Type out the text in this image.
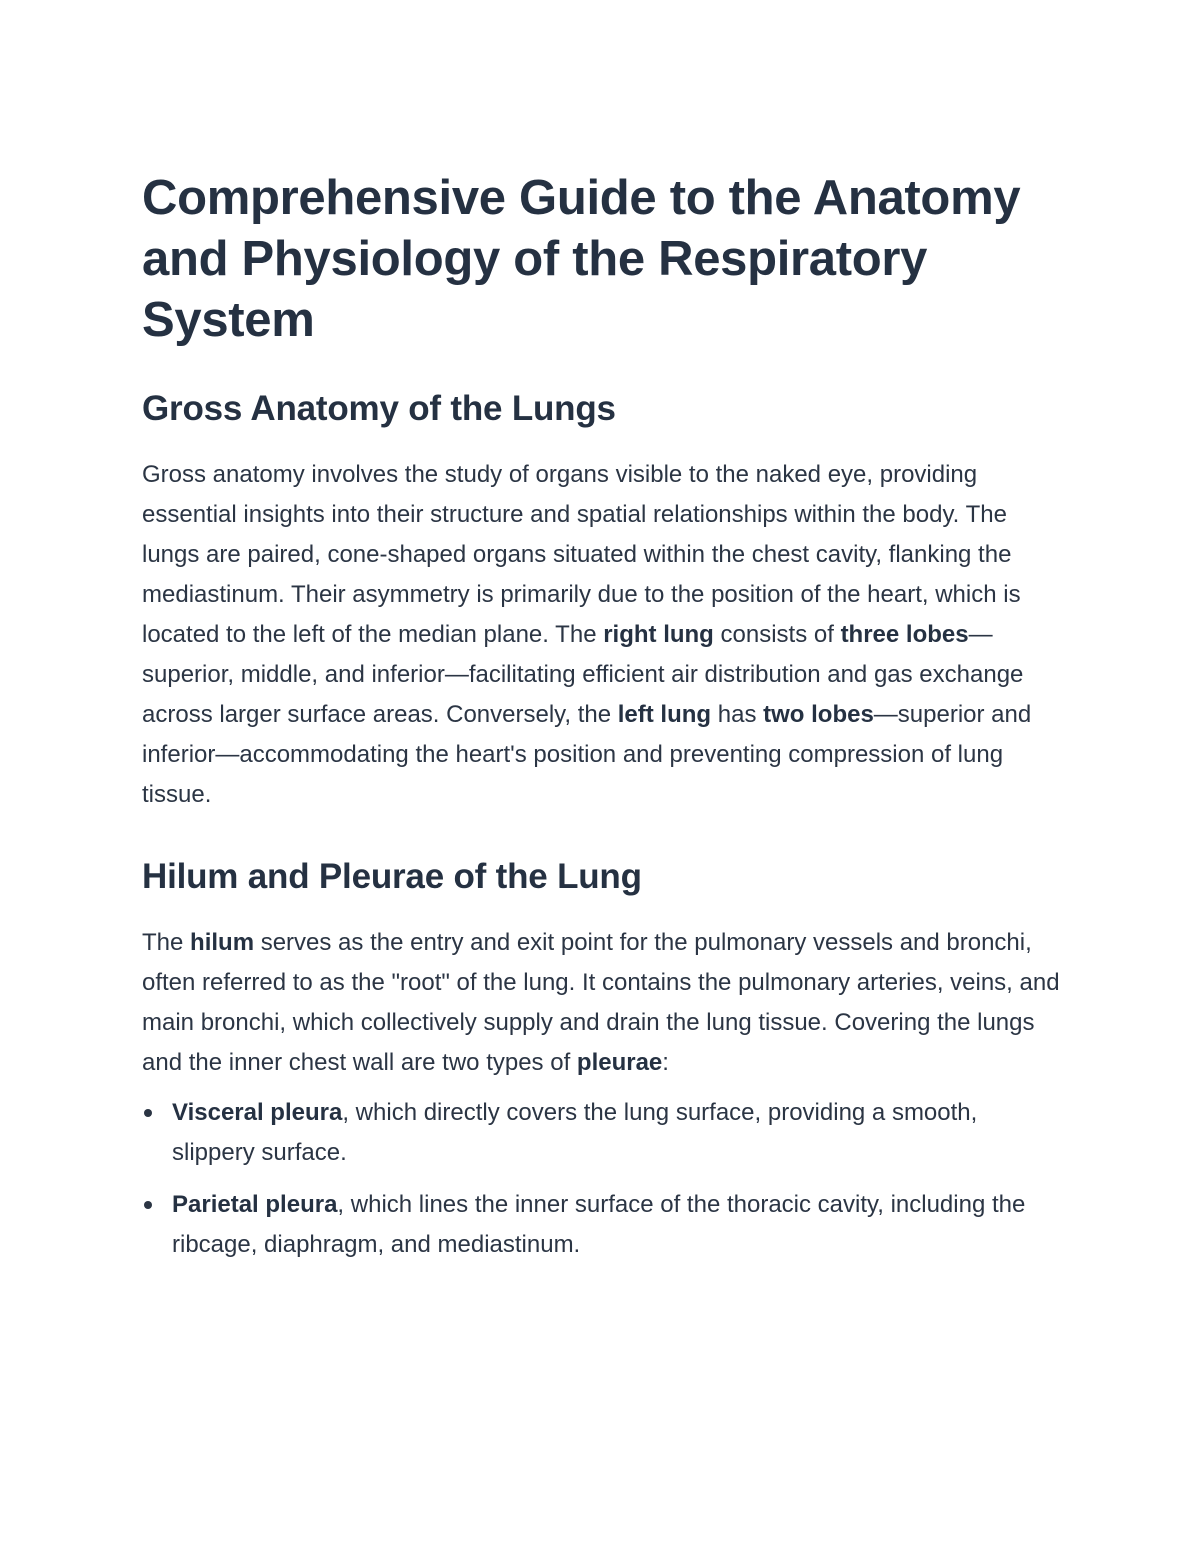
Comprehensive Guide to the Anatomy and Physiology of the Respiratory System
Gross Anatomy of the Lungs

Gross anatomy involves the study of organs visible to the naked eye, providing essential insights into their structure and spatial relationships within the body. The lungs are paired, cone-shaped organs situated within the chest cavity, flanking the mediastinum. Their asymmetry is primarily due to the position of the heart, which is located to the left of the median plane. The right lung consists of three lobes—superior, middle, and inferior—facilitating efficient air distribution and gas exchange across larger surface areas. Conversely, the left lung has two lobes—superior and inferior—accommodating the heart's position and preventing compression of lung tissue.

Hilum and Pleurae of the Lung

The hilum serves as the entry and exit point for the pulmonary vessels and bronchi, often referred to as the "root" of the lung. It contains the pulmonary arteries, veins, and main bronchi, which collectively supply and drain the lung tissue. Covering the lungs and the inner chest wall are two types of pleurae:

Visceral pleura, which directly covers the lung surface, providing a smooth, slippery surface.
Parietal pleura, which lines the inner surface of the thoracic cavity, including the ribcage, diaphragm, and mediastinum.
